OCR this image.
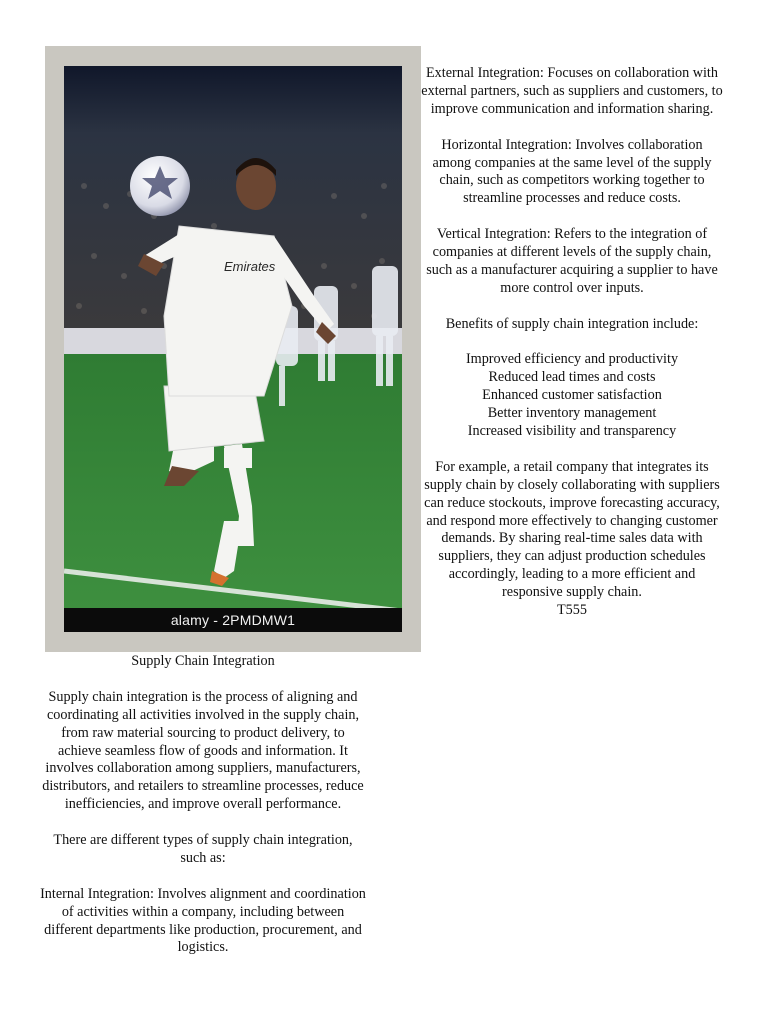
Emirates
alamy - 2PMDMW1

Supply Chain Integration

Supply chain integration is the process of aligning and coordinating all activities involved in the supply chain, from raw material sourcing to product delivery, to achieve seamless flow of goods and information. It involves collaboration among suppliers, manufacturers, distributors, and retailers to streamline processes, reduce inefficiencies, and improve overall performance.

There are different types of supply chain integration, such as:

Internal Integration: Involves alignment and coordination of activities within a company, including between different departments like production, procurement, and logistics.

External Integration: Focuses on collaboration with external partners, such as suppliers and customers, to improve communication and information sharing.

Horizontal Integration: Involves collaboration among companies at the same level of the supply chain, such as competitors working together to streamline processes and reduce costs.

Vertical Integration: Refers to the integration of companies at different levels of the supply chain, such as a manufacturer acquiring a supplier to have more control over inputs.

Benefits of supply chain integration include:

Improved efficiency and productivity
Reduced lead times and costs
Enhanced customer satisfaction
Better inventory management
Increased visibility and transparency

For example, a retail company that integrates its supply chain by closely collaborating with suppliers can reduce stockouts, improve forecasting accuracy, and respond more effectively to changing customer demands. By sharing real-time sales data with suppliers, they can adjust production schedules accordingly, leading to a more efficient and responsive supply chain.

T555
